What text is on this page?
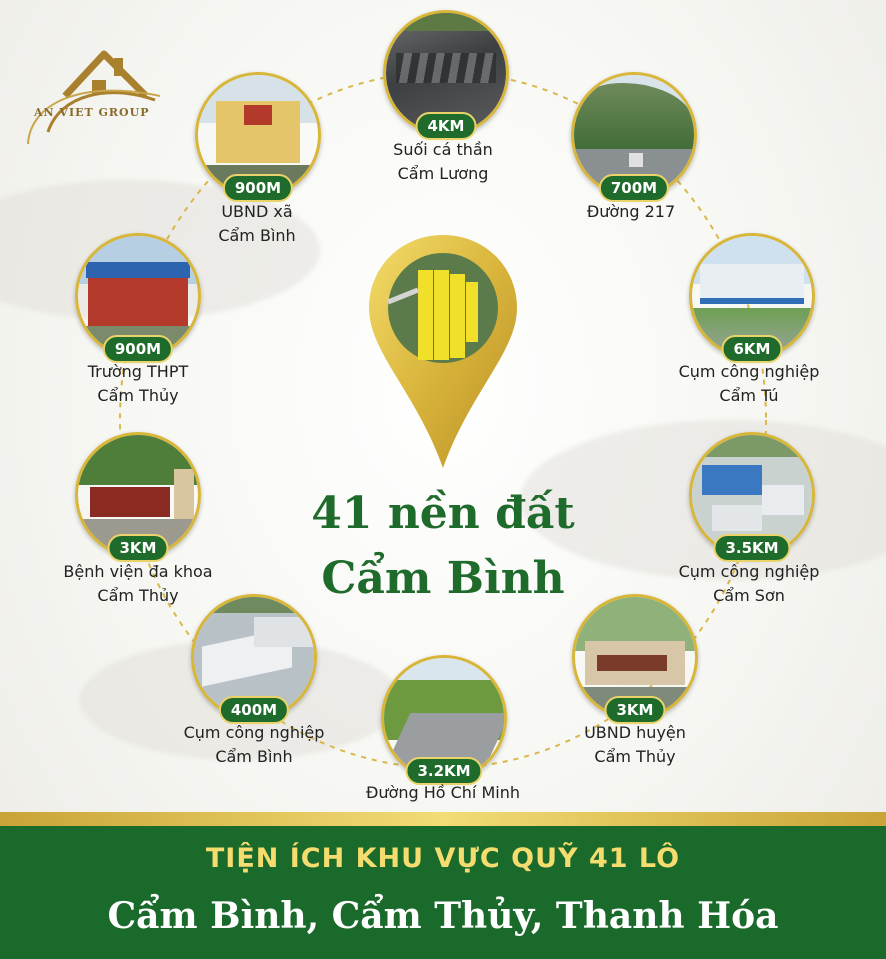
AN VIET GROUP
41 nền đất
Cẩm Bình
4KM
Suối cá thần
Cẩm Lương
700M
Đường 217
6KM
Cụm công nghiệp
Cẩm Tú
3.5KM
Cụm công nghiệp
Cẩm Sơn
3KM
UBND huyện
Cẩm Thủy
3.2KM
Đường Hồ Chí Minh
400M
Cụm công nghiệp
Cẩm Bình
3KM
Bệnh viện đa khoa
Cẩm Thủy
900M
Trường THPT
Cẩm Thủy
900M
UBND xã
Cẩm Bình
TIỆN ÍCH KHU VỰC QUỸ 41 LÔ
Cẩm Bình, Cẩm Thủy, Thanh Hóa
